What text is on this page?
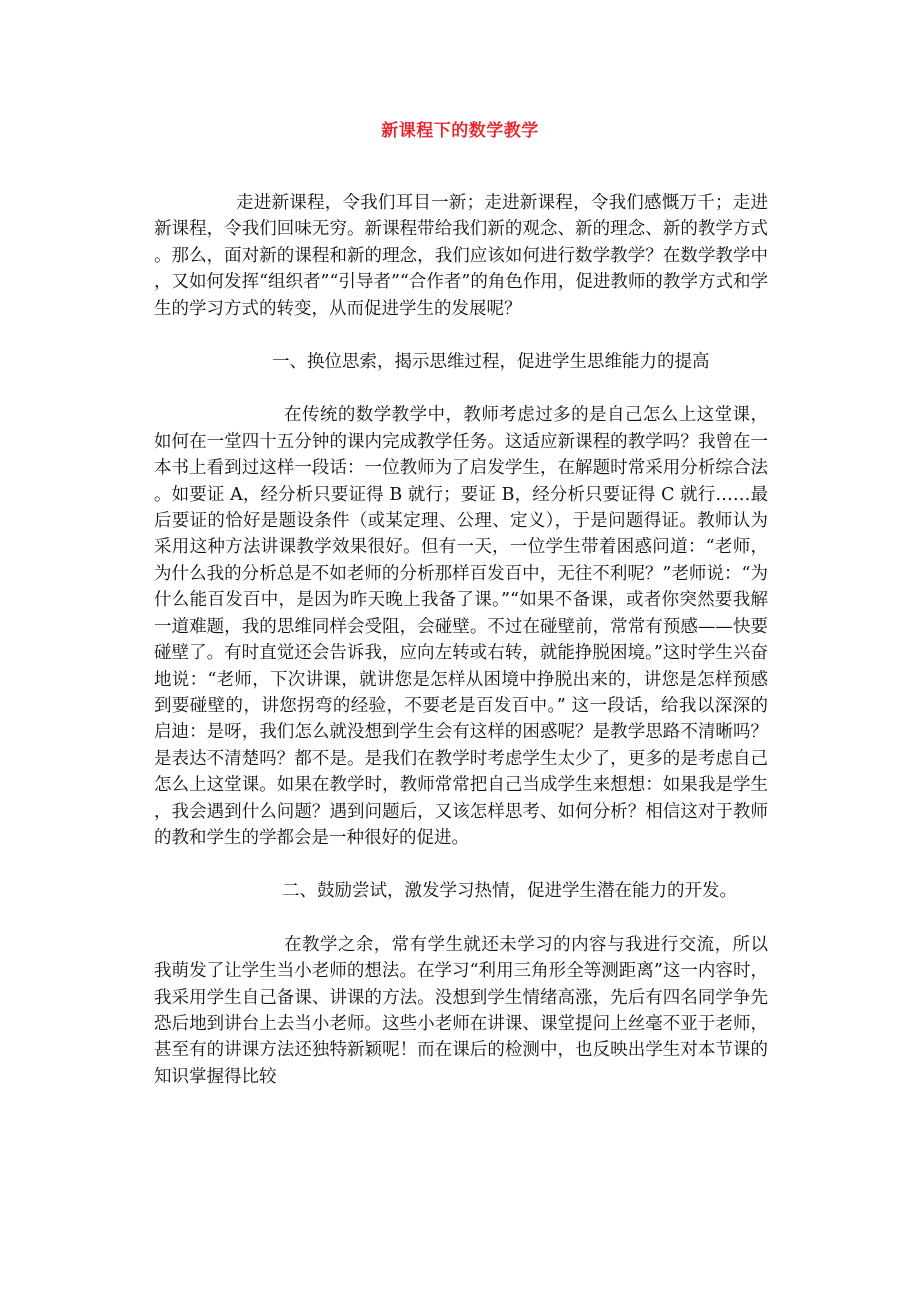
新课程下的数学教学

走进新课程，令我们耳目一新；走进新课程，令我们感慨万千；走进新课程，令我们回味无穷。新课程带给我们新的观念、新的理念、新的教学方式。那么，面对新的课程和新的理念，我们应该如何进行数学教学？在数学教学中，又如何发挥“组织者”“引导者”“合作者”的角色作用，促进教师的教学方式和学生的学习方式的转变，从而促进学生的发展呢？

一、换位思索，揭示思维过程，促进学生思维能力的提高

在传统的数学教学中，教师考虑过多的是自己怎么上这堂课，如何在一堂四十五分钟的课内完成教学任务。这适应新课程的教学吗？我曾在一本书上看到过这样一段话：一位教师为了启发学生，在解题时常采用分析综合法。如要证 A，经分析只要证得 B 就行；要证 B，经分析只要证得 C 就行……最后要证的恰好是题设条件（或某定理、公理、定义），于是问题得证。教师认为采用这种方法讲课教学效果很好。但有一天，一位学生带着困惑问道：“老师，为什么我的分析总是不如老师的分析那样百发百中，无往不利呢？”老师说：“为什么能百发百中，是因为昨天晚上我备了课。”“如果不备课，或者你突然要我解一道难题，我的思维同样会受阻，会碰壁。不过在碰壁前，常常有预感——快要碰壁了。有时直觉还会告诉我，应向左转或右转，就能挣脱困境。”这时学生兴奋地说：“老师，下次讲课，就讲您是怎样从困境中挣脱出来的，讲您是怎样预感到要碰壁的，讲您拐弯的经验，不要老是百发百中。” 这一段话，给我以深深的启迪：是呀，我们怎么就没想到学生会有这样的困惑呢？是教学思路不清晰吗？是表达不清楚吗？都不是。是我们在教学时考虑学生太少了，更多的是考虑自己怎么上这堂课。如果在教学时，教师常常把自己当成学生来想想：如果我是学生，我会遇到什么问题？遇到问题后，又该怎样思考、如何分析？相信这对于教师的教和学生的学都会是一种很好的促进。

二、鼓励尝试，激发学习热情，促进学生潜在能力的开发。

在教学之余，常有学生就还未学习的内容与我进行交流，所以我萌发了让学生当小老师的想法。在学习“利用三角形全等测距离”这一内容时，我采用学生自己备课、讲课的方法。没想到学生情绪高涨，先后有四名同学争先恐后地到讲台上去当小老师。这些小老师在讲课、课堂提问上丝毫不亚于老师，甚至有的讲课方法还独特新颖呢！而在课后的检测中，也反映出学生对本节课的知识掌握得比较
